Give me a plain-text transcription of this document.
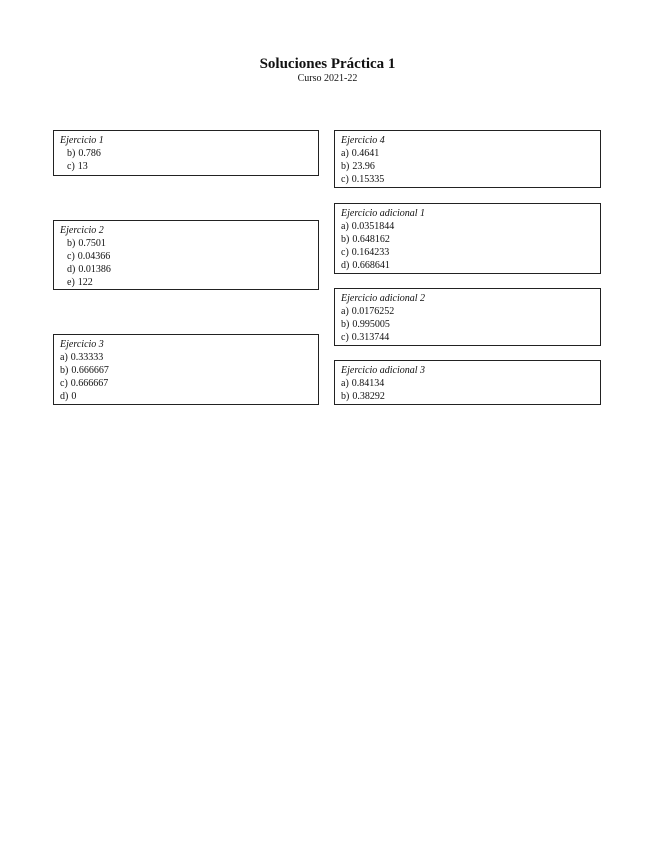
Soluciones Práctica 1
Curso 2021-22
Ejercicio 1
b) 0.786
c) 13
Ejercicio 2
b) 0.7501
c) 0.04366
d) 0.01386
e) 122
Ejercicio 3
a) 0.33333
b) 0.666667
c) 0.666667
d) 0
Ejercicio 4
a) 0.4641
b) 23.96
c) 0.15335
Ejercicio adicional 1
a) 0.0351844
b) 0.648162
c) 0.164233
d) 0.668641
Ejercicio adicional 2
a) 0.0176252
b) 0.995005
c) 0.313744
Ejercicio adicional 3
a) 0.84134
b) 0.38292
